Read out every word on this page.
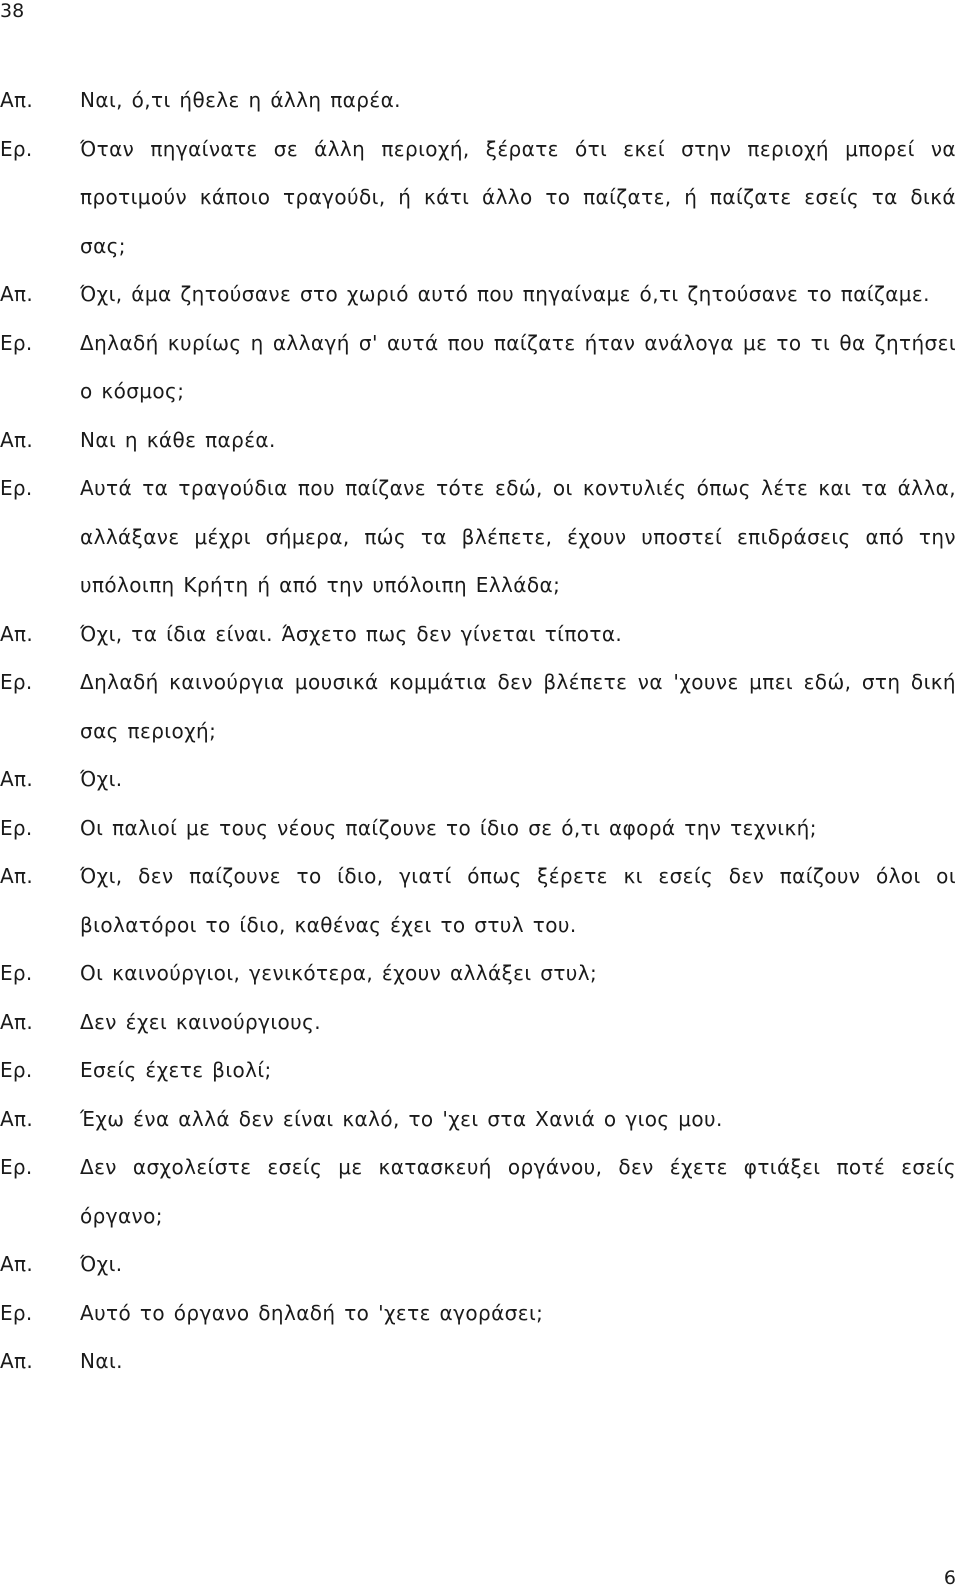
38
Απ.	Ναι, ό,τι ήθελε η άλλη παρέα.

Ερ.	Όταν πηγαίνατε σε άλλη περιοχή, ξέρατε ότι εκεί στην περιοχή μπορεί να προτιμούν κάποιο τραγούδι, ή κάτι άλλο το παίζατε, ή παίζατε εσείς τα δικά σας;

Απ.	Όχι, άμα ζητούσανε στο χωριό αυτό που πηγαίναμε ό,τι ζητούσανε το παίζαμε.

Ερ.	Δηλαδή κυρίως η αλλαγή σ' αυτά που παίζατε ήταν ανάλογα με το τι θα ζητήσει ο κόσμος;

Απ.	Ναι η κάθε παρέα.

Ερ.	Αυτά τα τραγούδια που παίζανε τότε εδώ, οι κοντυλιές όπως λέτε και τα άλλα, αλλάξανε μέχρι σήμερα, πώς τα βλέπετε, έχουν υποστεί επιδράσεις από την υπόλοιπη Κρήτη ή από την υπόλοιπη Ελλάδα;

Απ.	Όχι, τα ίδια είναι. Άσχετο πως δεν γίνεται τίποτα.

Ερ.	Δηλαδή καινούργια μουσικά κομμάτια δεν βλέπετε να 'χουνε μπει εδώ, στη δική σας περιοχή;

Απ.	Όχι.

Ερ.	Οι παλιοί με τους νέους παίζουνε το ίδιο σε ό,τι αφορά την τεχνική;

Απ.	Όχι, δεν παίζουνε το ίδιο, γιατί όπως ξέρετε κι εσείς δεν παίζουν όλοι οι βιολατόροι το ίδιο, καθένας έχει το στυλ του.

Ερ.	Οι καινούργιοι, γενικότερα, έχουν αλλάξει στυλ;

Απ.	Δεν έχει καινούργιους.

Ερ.	Εσείς έχετε βιολί;

Απ.	Έχω ένα αλλά δεν είναι καλό, το 'χει στα Χανιά ο γιος μου.

Ερ.	Δεν ασχολείστε εσείς με κατασκευή οργάνου, δεν έχετε φτιάξει ποτέ εσείς όργανο;

Απ.	Όχι.

Ερ.	Αυτό το όργανο δηλαδή το 'χετε αγοράσει;

Απ.	Ναι.

6
